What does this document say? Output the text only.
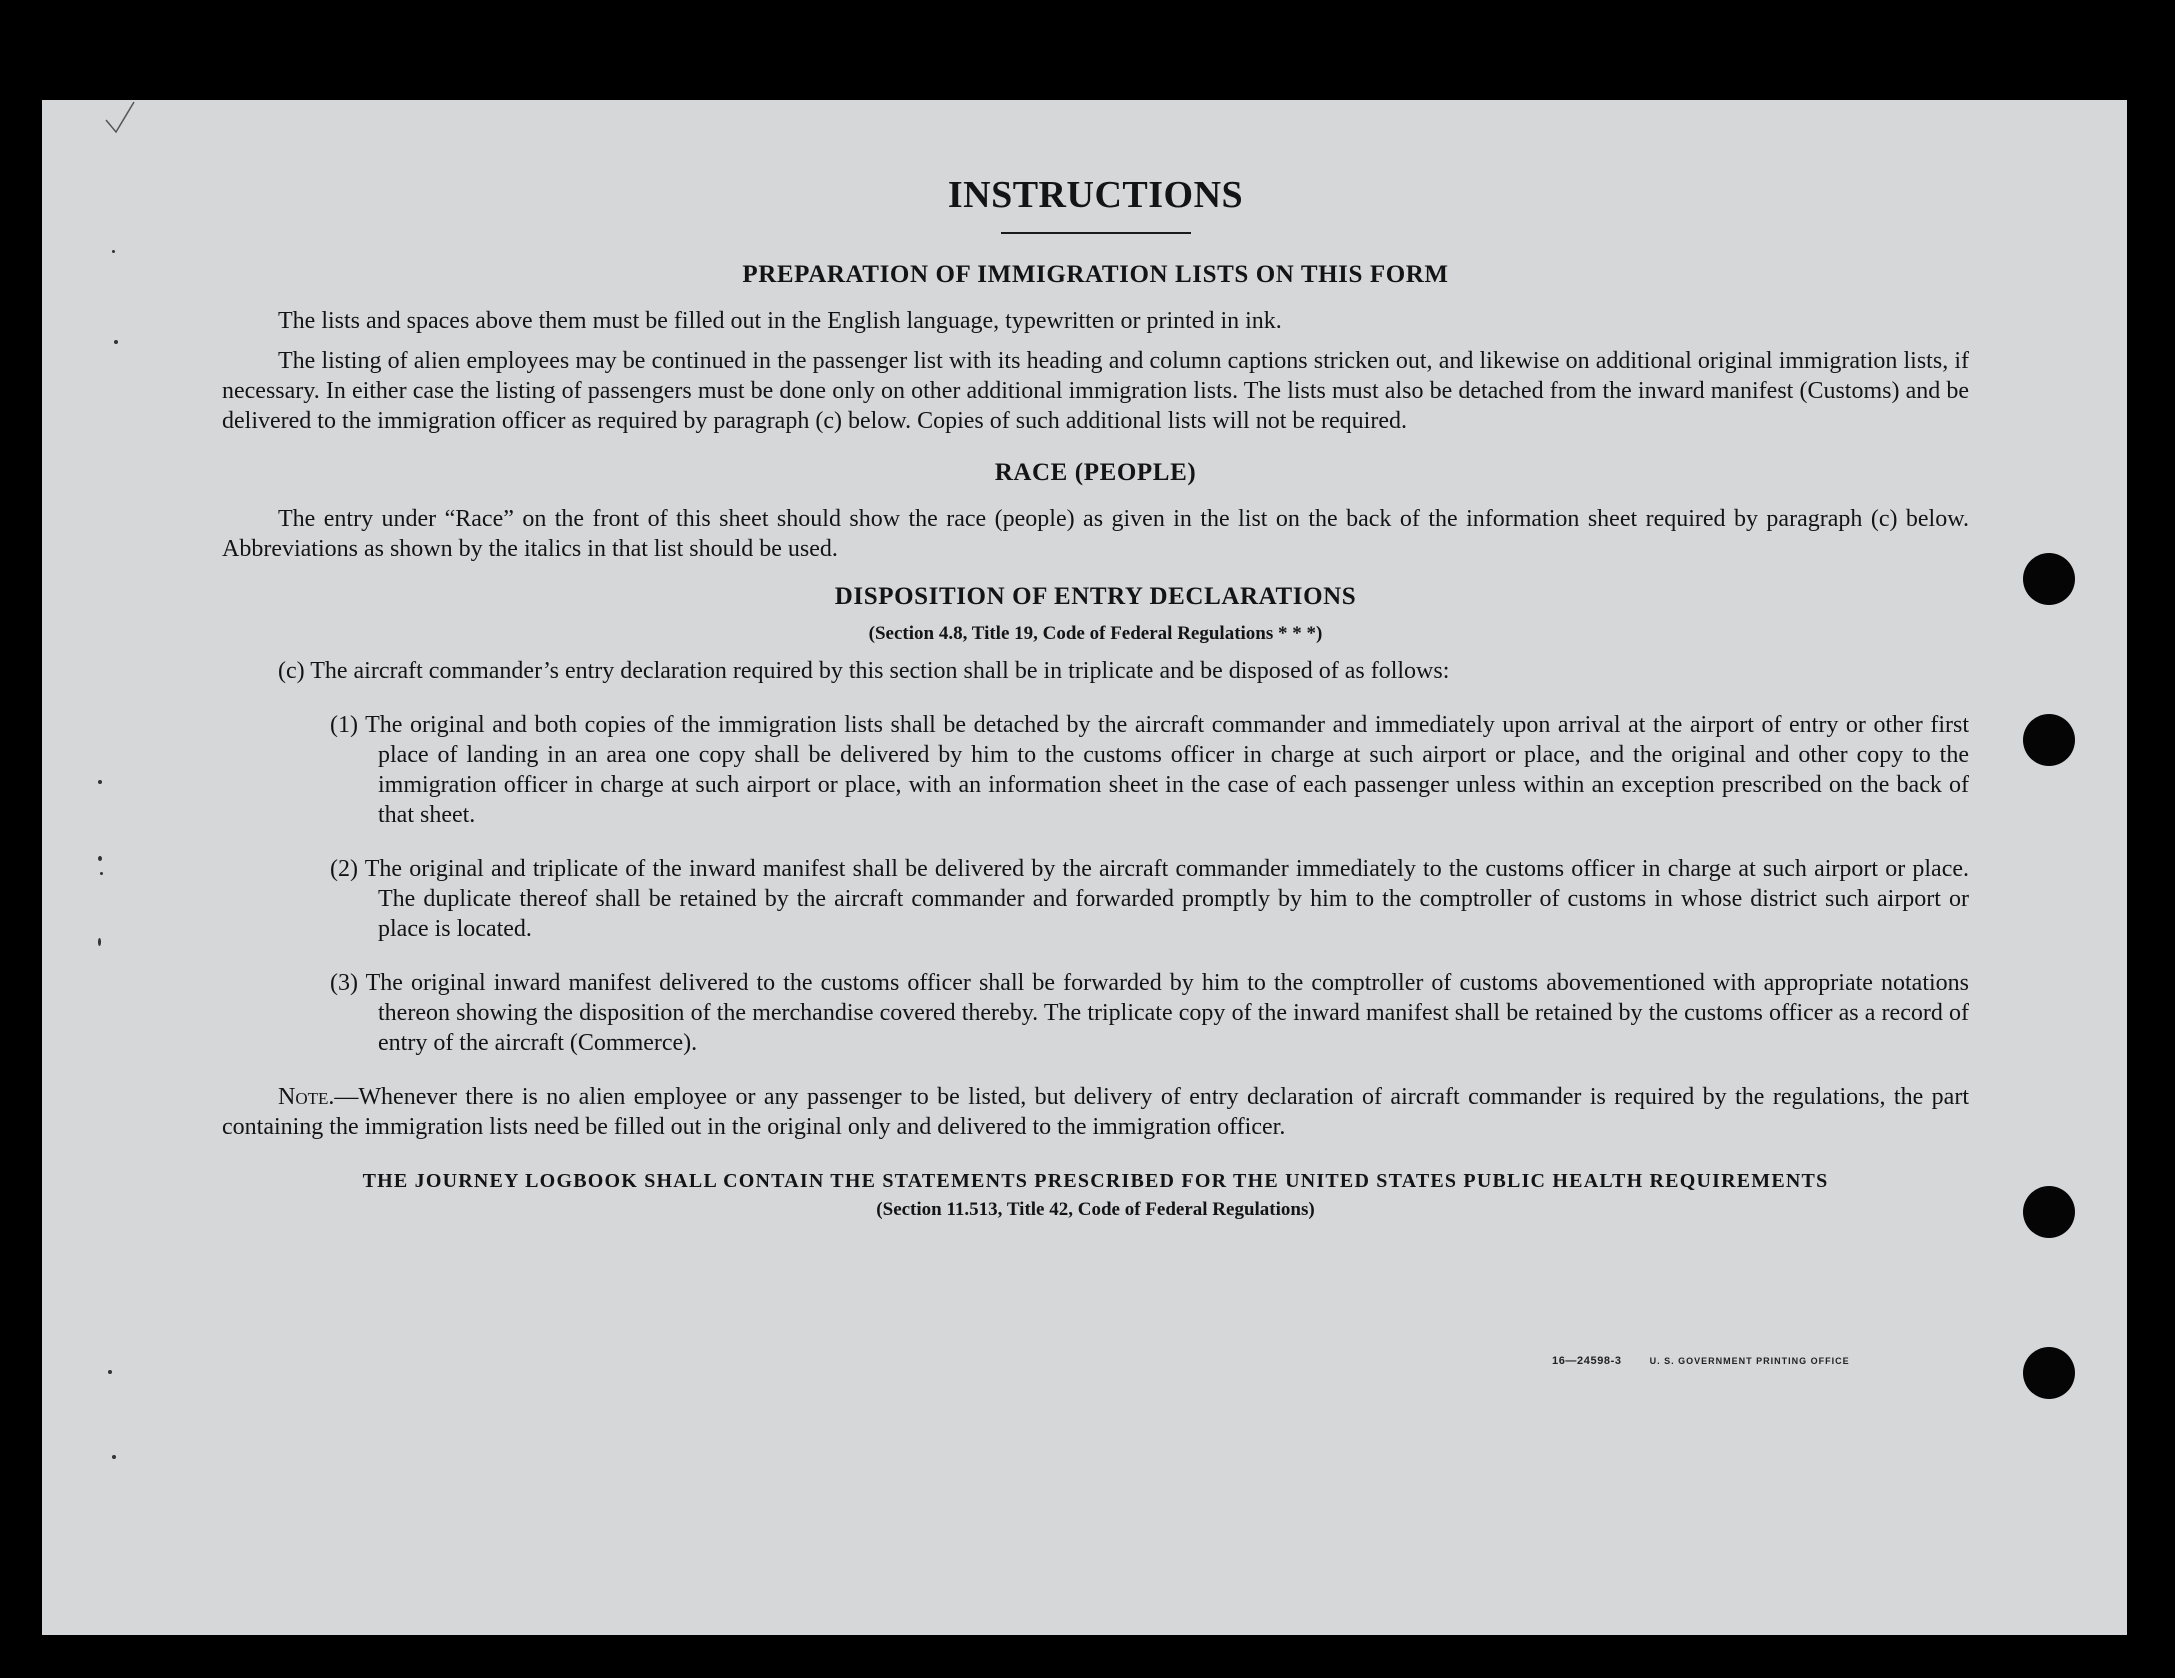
INSTRUCTIONS
PREPARATION OF IMMIGRATION LISTS ON THIS FORM

The lists and spaces above them must be filled out in the English language, typewritten or printed in ink.

The listing of alien employees may be continued in the passenger list with its heading and column captions stricken out, and likewise on additional original immigration lists, if necessary. In either case the listing of passengers must be done only on other additional immigration lists. The lists must also be detached from the inward manifest (Customs) and be delivered to the immigration officer as required by paragraph (c) below. Copies of such additional lists will not be required.

RACE (PEOPLE)

The entry under “Race” on the front of this sheet should show the race (people) as given in the list on the back of the information sheet required by paragraph (c) below. Abbreviations as shown by the italics in that list should be used.

DISPOSITION OF ENTRY DECLARATIONS
(Section 4.8, Title 19, Code of Federal Regulations * * *)
(c) The aircraft commander’s entry declaration required by this section shall be in triplicate and be disposed of as follows:
(1) The original and both copies of the immigration lists shall be detached by the aircraft commander and immediately upon arrival at the airport of entry or other first place of landing in an area one copy shall be delivered by him to the customs officer in charge at such airport or place, and the original and other copy to the immigration officer in charge at such airport or place, with an information sheet in the case of each passenger unless within an exception prescribed on the back of that sheet.
(2) The original and triplicate of the inward manifest shall be delivered by the aircraft commander immediately to the customs officer in charge at such airport or place. The duplicate thereof shall be retained by the aircraft commander and forwarded promptly by him to the comptroller of customs in whose district such airport or place is located.
(3) The original inward manifest delivered to the customs officer shall be forwarded by him to the comptroller of customs abovementioned with appropriate notations thereon showing the disposition of the merchandise covered thereby. The triplicate copy of the inward manifest shall be retained by the customs officer as a record of entry of the aircraft (Commerce).

Note.—Whenever there is no alien employee or any passenger to be listed, but delivery of entry declaration of aircraft commander is required by the regulations, the part containing the immigration lists need be filled out in the original only and delivered to the immigration officer.

THE JOURNEY LOGBOOK SHALL CONTAIN THE STATEMENTS PRESCRIBED FOR THE UNITED STATES PUBLIC HEALTH REQUIREMENTS
(Section 11.513, Title 42, Code of Federal Regulations)
16—24598-3	U. S. GOVERNMENT PRINTING OFFICE
